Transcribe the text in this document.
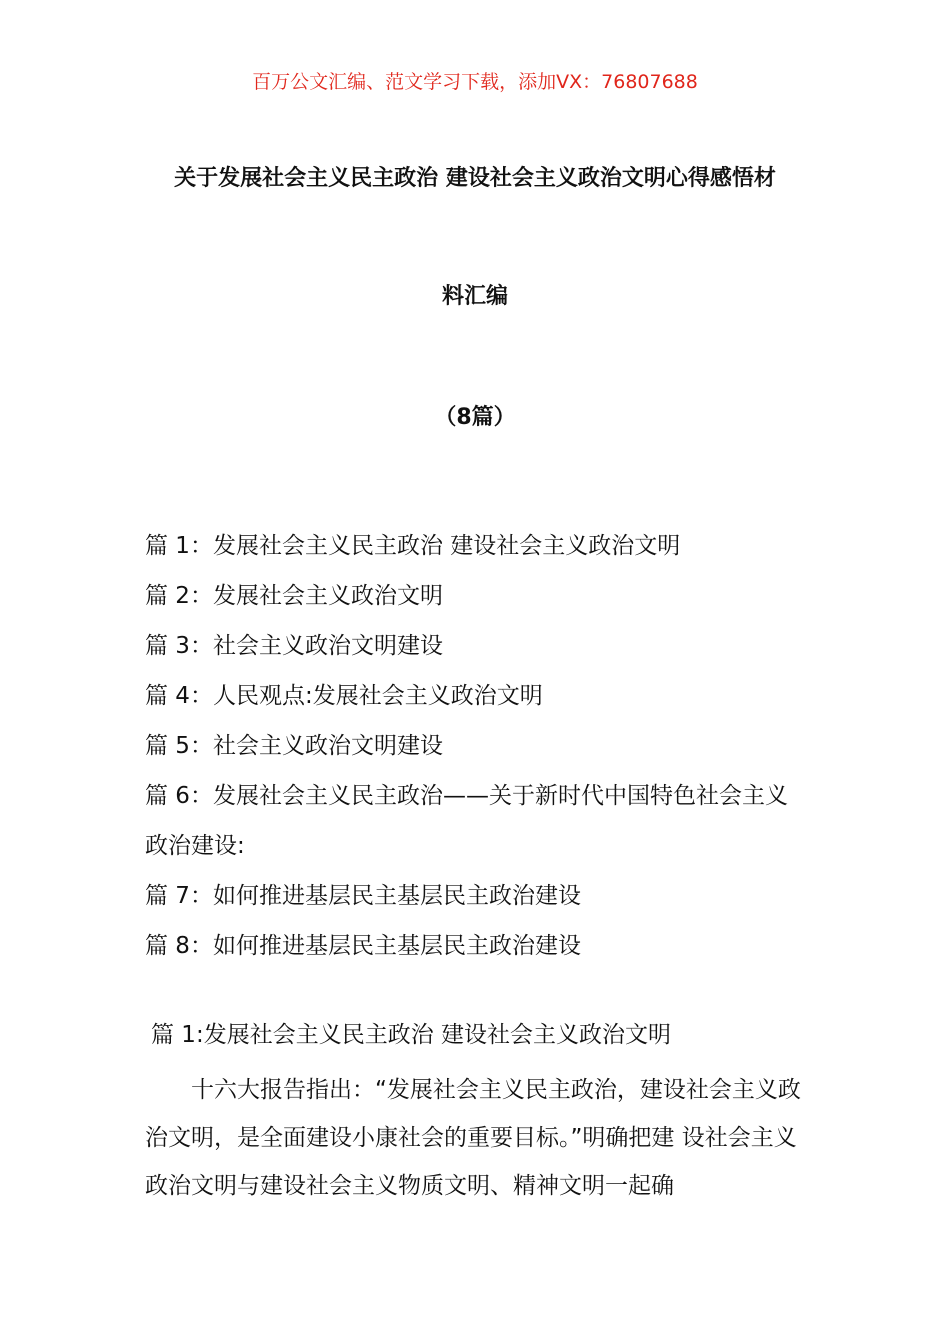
百万公文汇编、范文学习下载，添加VX：76807688
关于发展社会主义民主政治 建设社会主义政治文明心得感悟材
料汇编
（8篇）
篇 1：发展社会主义民主政治 建设社会主义政治文明
篇 2：发展社会主义政治文明
篇 3：社会主义政治文明建设
篇 4：人民观点:发展社会主义政治文明
篇 5：社会主义政治文明建设
篇 6：发展社会主义民主政治——关于新时代中国特色社会主义政治建设:
篇 7：如何推进基层民主基层民主政治建设
篇 8：如何推进基层民主基层民主政治建设
篇 1:发展社会主义民主政治 建设社会主义政治文明

十六大报告指出：“发展社会主义民主政治，建设社会主义政治文明，是全面建设小康社会的重要目标。”明确把建 设社会主义政治文明与建设社会主义物质文明、精神文明一起确
